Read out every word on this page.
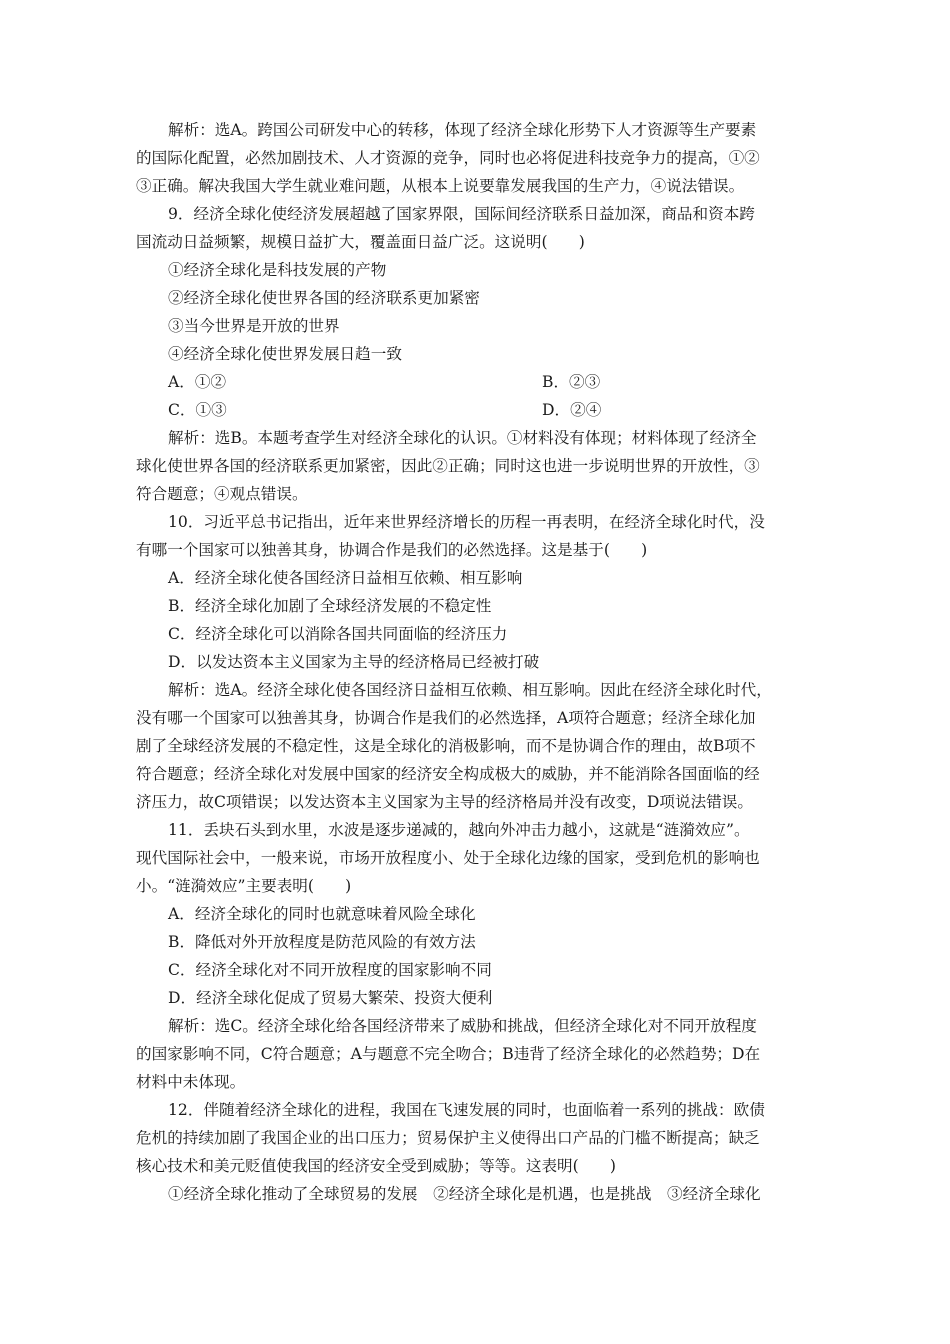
解析：选A。跨国公司研发中心的转移，体现了经济全球化形势下人才资源等生产要素
的国际化配置，必然加剧技术、人才资源的竞争，同时也必将促进科技竞争力的提高，①②
③正确。解决我国大学生就业难问题，从根本上说要靠发展我国的生产力，④说法错误。
9．经济全球化使经济发展超越了国家界限，国际间经济联系日益加深，商品和资本跨
国流动日益频繁，规模日益扩大，覆盖面日益广泛。这说明(　　)
①经济全球化是科技发展的产物
②经济全球化使世界各国的经济联系更加紧密
③当今世界是开放的世界
④经济全球化使世界发展日趋一致
A．①②	B．②③
C．①③	D．②④
解析：选B。本题考查学生对经济全球化的认识。①材料没有体现；材料体现了经济全
球化使世界各国的经济联系更加紧密，因此②正确；同时这也进一步说明世界的开放性，③
符合题意；④观点错误。
10．习近平总书记指出，近年来世界经济增长的历程一再表明，在经济全球化时代，没
有哪一个国家可以独善其身，协调合作是我们的必然选择。这是基于(　　)
A．经济全球化使各国经济日益相互依赖、相互影响
B．经济全球化加剧了全球经济发展的不稳定性
C．经济全球化可以消除各国共同面临的经济压力
D．以发达资本主义国家为主导的经济格局已经被打破
解析：选A。经济全球化使各国经济日益相互依赖、相互影响。因此在经济全球化时代，
没有哪一个国家可以独善其身，协调合作是我们的必然选择，A项符合题意；经济全球化加
剧了全球经济发展的不稳定性，这是全球化的消极影响，而不是协调合作的理由，故B项不
符合题意；经济全球化对发展中国家的经济安全构成极大的威胁，并不能消除各国面临的经
济压力，故C项错误；以发达资本主义国家为主导的经济格局并没有改变，D项说法错误。
11．丢块石头到水里，水波是逐步递减的，越向外冲击力越小，这就是“涟漪效应”。
现代国际社会中，一般来说，市场开放程度小、处于全球化边缘的国家，受到危机的影响也
小。“涟漪效应”主要表明(　　)
A．经济全球化的同时也就意味着风险全球化
B．降低对外开放程度是防范风险的有效方法
C．经济全球化对不同开放程度的国家影响不同
D．经济全球化促成了贸易大繁荣、投资大便利
解析：选C。经济全球化给各国经济带来了威胁和挑战，但经济全球化对不同开放程度
的国家影响不同，C符合题意；A与题意不完全吻合；B违背了经济全球化的必然趋势；D在
材料中未体现。
12．伴随着经济全球化的进程，我国在飞速发展的同时，也面临着一系列的挑战：欧债
危机的持续加剧了我国企业的出口压力；贸易保护主义使得出口产品的门槛不断提高；缺乏
核心技术和美元贬值使我国的经济安全受到威胁；等等。这表明(　　)
①经济全球化推动了全球贸易的发展　②经济全球化是机遇，也是挑战　③经济全球化
